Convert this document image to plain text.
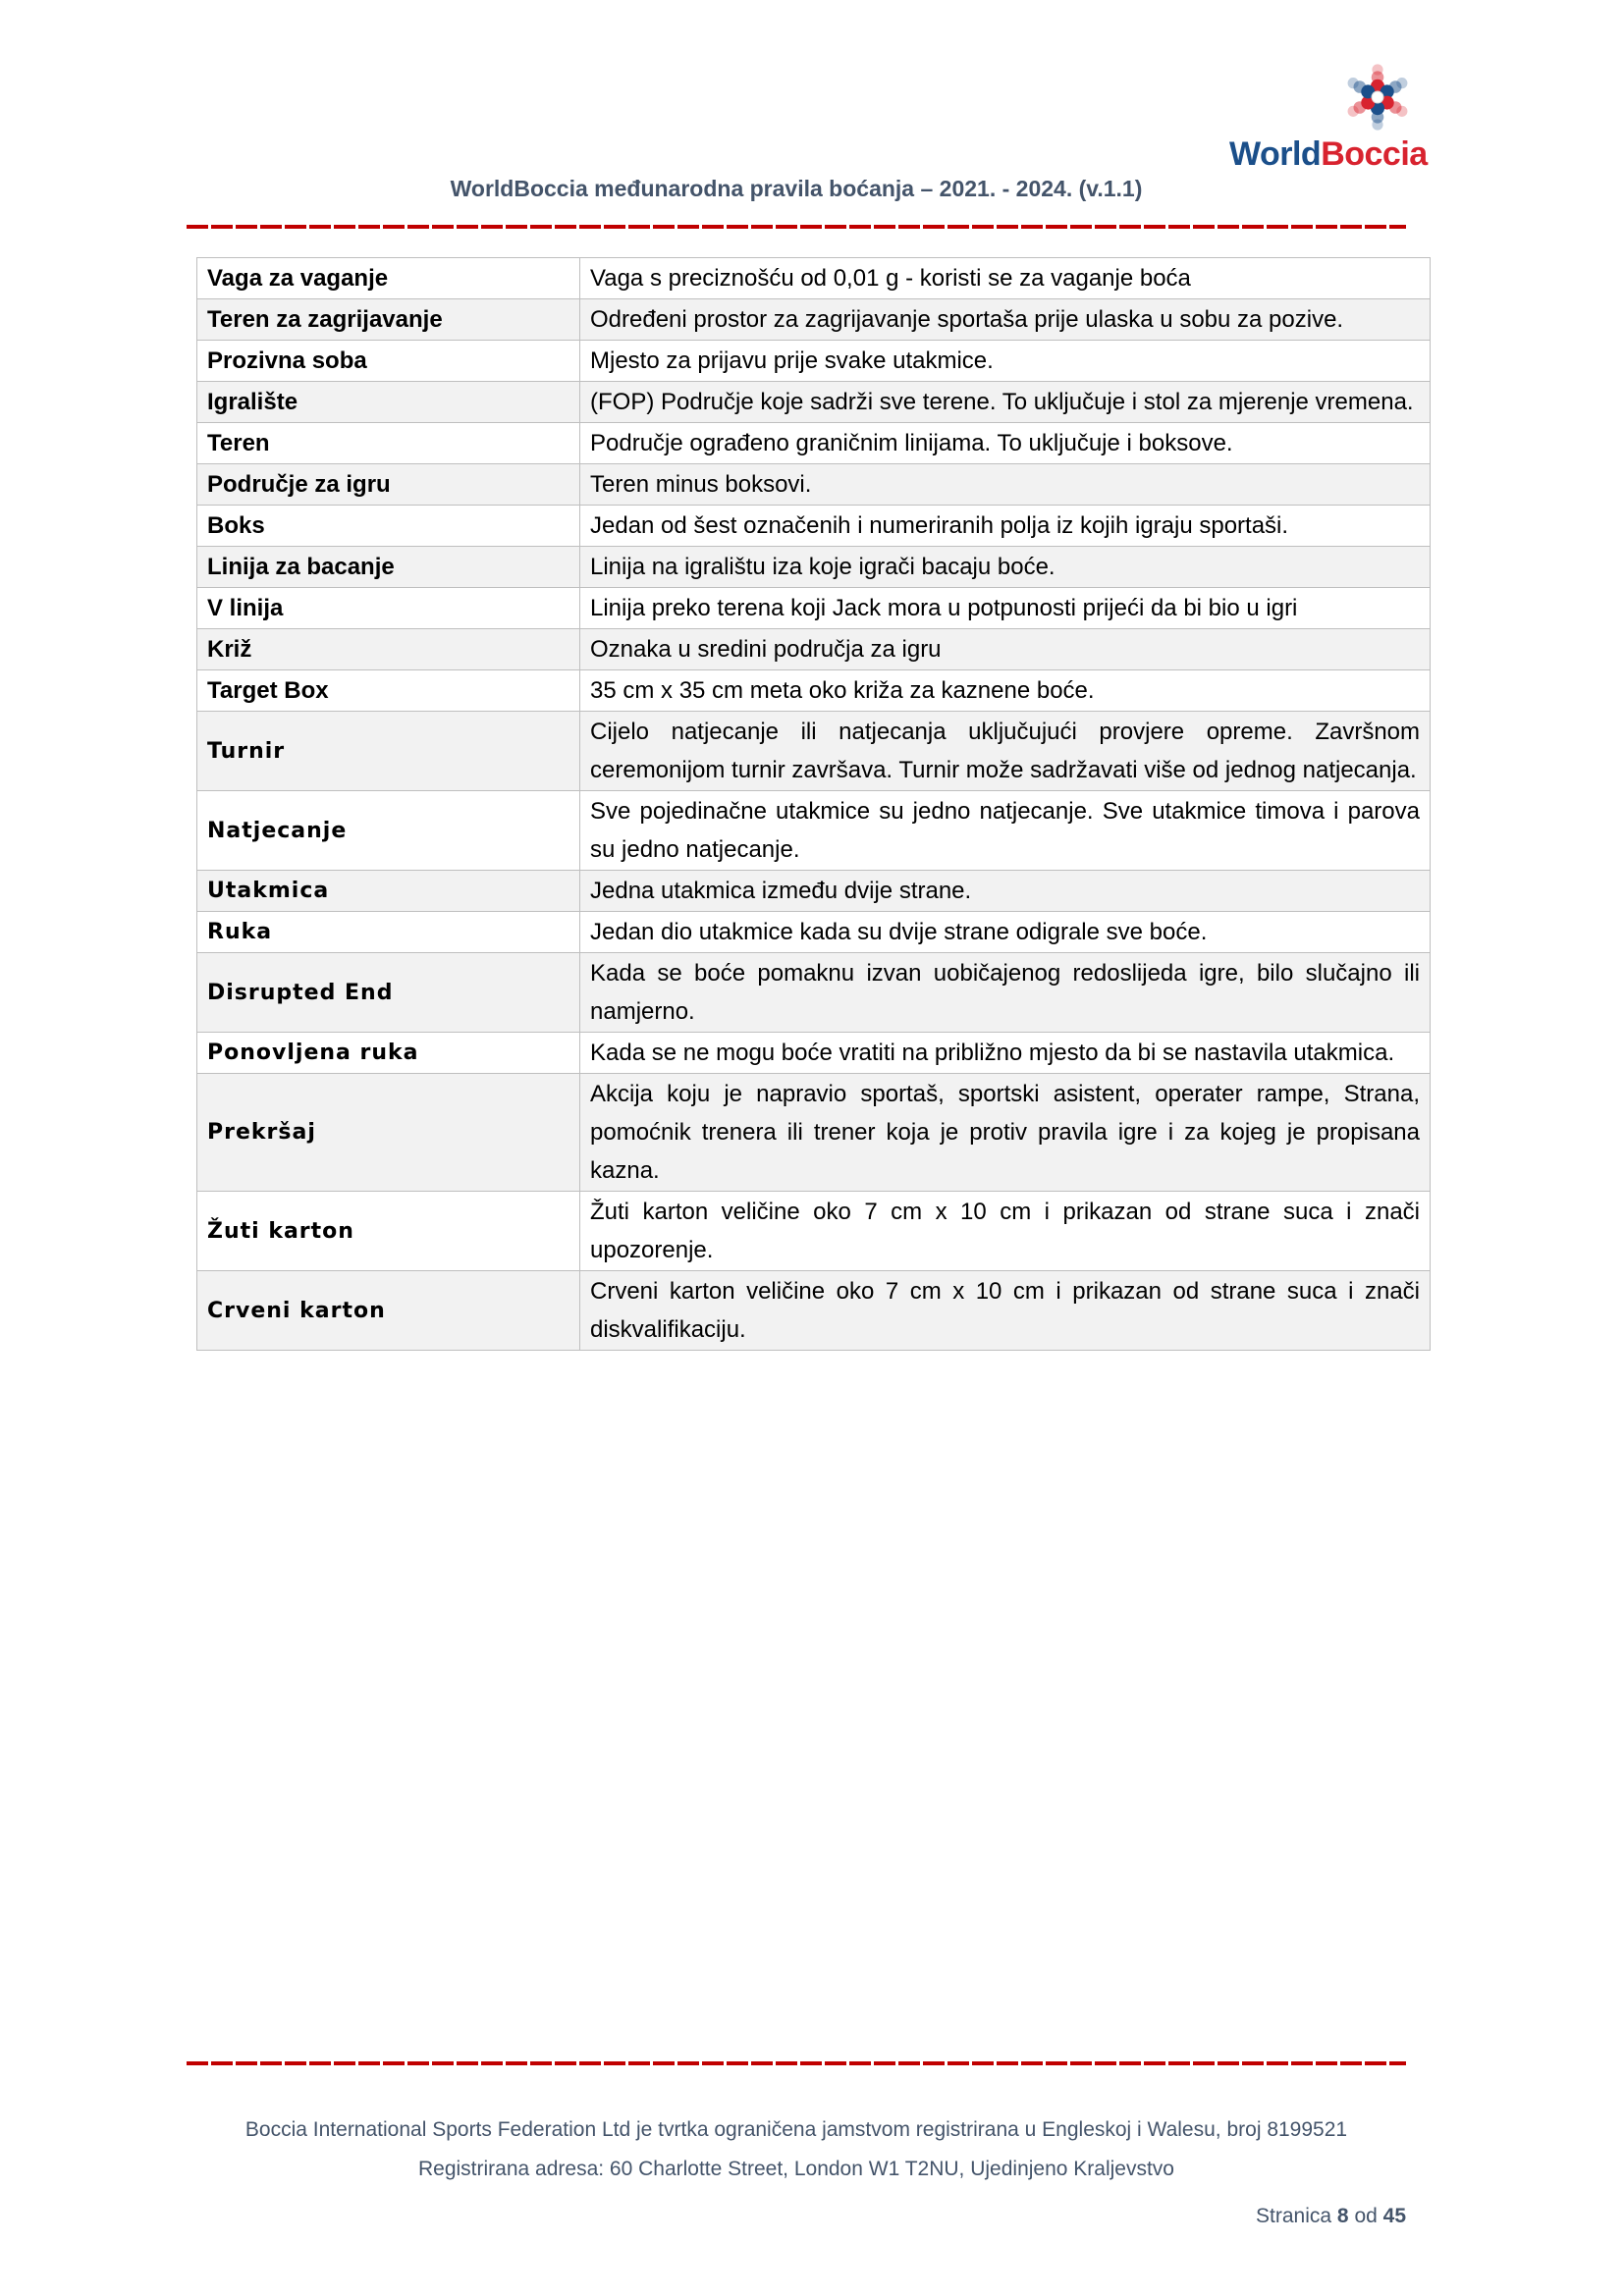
WorldBoccia
WorldBoccia međunarodna pravila boćanja – 2021. - 2024. (v.1.1)
Vaga za vaganje	Vaga s preciznošću od 0,01 g - koristi se za vaganje boća
Teren za zagrijavanje	Određeni prostor za zagrijavanje sportaša prije ulaska u sobu za pozive.
Prozivna soba	Mjesto za prijavu prije svake utakmice.
Igralište	(FOP) Područje koje sadrži sve terene. To uključuje i stol za mjerenje vremena.
Teren	Područje ograđeno graničnim linijama. To uključuje i boksove.
Područje za igru	Teren minus boksovi.
Boks	Jedan od šest označenih i numeriranih polja iz kojih igraju sportaši.
Linija za bacanje	Linija na igralištu iza koje igrači bacaju boće.
V linija	Linija preko terena koji Jack mora u potpunosti prijeći da bi bio u igri
Križ	Oznaka u sredini područja za igru
Target Box	35 cm x 35 cm meta oko križa za kaznene boće.
Turnir	Cijelo natjecanje ili natjecanja uključujući provjere opreme. Završnom ceremonijom turnir završava. Turnir može sadržavati više od jednog natjecanja.
Natjecanje	Sve pojedinačne utakmice su jedno natjecanje. Sve utakmice timova i parova su jedno natjecanje.
Utakmica	Jedna utakmica između dvije strane.
Ruka	Jedan dio utakmice kada su dvije strane odigrale sve boće.
Disrupted End	Kada se boće pomaknu izvan uobičajenog redoslijeda igre, bilo slučajno ili namjerno.
Ponovljena ruka	Kada se ne mogu boće vratiti na približno mjesto da bi se nastavila utakmica.
Prekršaj	Akcija koju je napravio sportaš, sportski asistent, operater rampe, Strana, pomoćnik trenera ili trener koja je protiv pravila igre i za kojeg je propisana kazna.
Žuti karton	Žuti karton veličine oko 7 cm x 10 cm i prikazan od strane suca i znači upozorenje.
Crveni karton	Crveni karton veličine oko 7 cm x 10 cm i prikazan od strane suca i znači diskvalifikaciju.
Boccia International Sports Federation Ltd je tvrtka ograničena jamstvom registrirana u Engleskoj i Walesu, broj 8199521
Registrirana adresa: 60 Charlotte Street, London W1 T2NU, Ujedinjeno Kraljevstvo
Stranica 8 od 45
